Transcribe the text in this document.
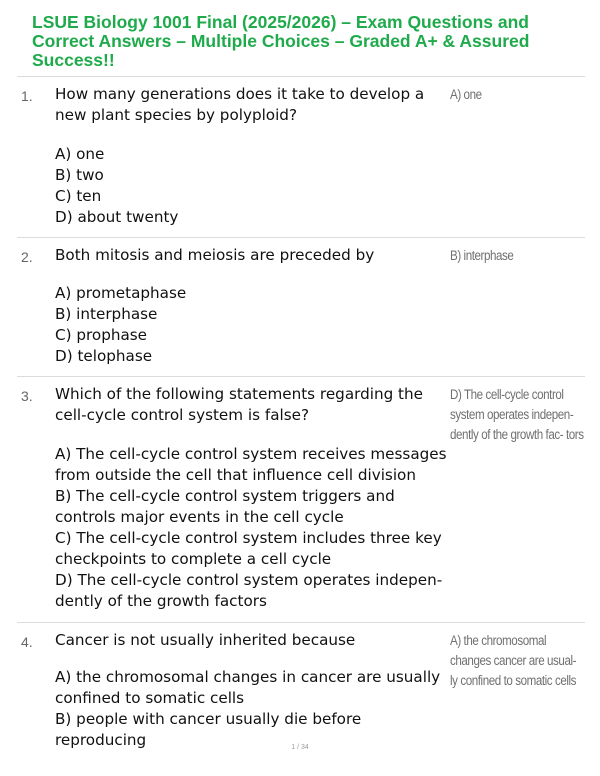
LSUE Biology 1001 Final (2025/2026) – Exam Questions and Correct Answers – Multiple Choices – Graded A+ & Assured Success!!
1. How many generations does it take to develop a new plant species by polyploid?

A) one
B) two
C) ten
D) about twenty
A) one
2. Both mitosis and meiosis are preceded by

A) prometaphase
B) interphase
C) prophase
D) telophase
B) interphase
3. Which of the following statements regarding the cell-cycle control system is false?

A) The cell-cycle control system receives messages from outside the cell that influence cell division
B) The cell-cycle control system triggers and controls major events in the cell cycle
C) The cell-cycle control system includes three key checkpoints to complete a cell cycle
D) The cell-cycle control system operates indepen- dently of the growth factors
D) The cell-cycle control system operates indepen- dently of the growth fac- tors
4. Cancer is not usually inherited because

A) the chromosomal changes in cancer are usually confined to somatic cells
B) people with cancer usually die before reproducing
A) the chromosomal changes cancer are usual- ly confined to somatic cells
1 / 34
